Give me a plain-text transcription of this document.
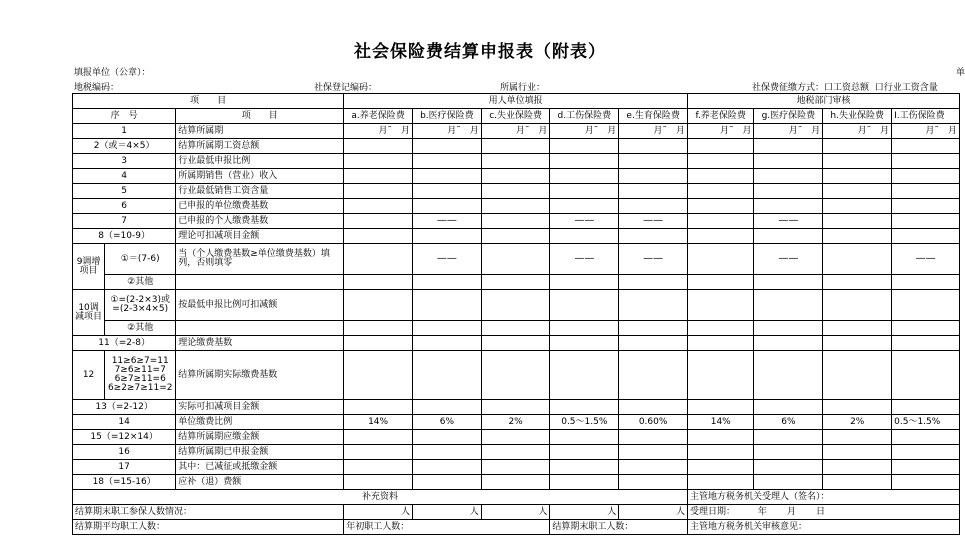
社会保险费结算申报表（附表）
填报单位（公章）：	单
地税编码：	社保登记编码：	所属行业：	社保费征缴方式：口工资总额 口行业工资含量
项　　目			用人单位填报					地税部门审核			
序　号		项　　目	a.养老保险费	b.医疗保险费	c.失业保险费	d.工伤保险费	e.生育保险费	f.养老保险费	g.医疗保险费	h.失业保险费	I.工伤保险费
1		结算所属期	月˜　月	月˜　月	月˜　月	月˜　月	月˜　月	月˜　月	月˜　月	月˜　月	月˜　月
2（或＝4×5）		结算所属期工资总额									
3		行业最低申报比例									
4		所属期销售（营业）收入									
5		行业最低销售工资含量									
6		已申报的单位缴费基数									
7		已申报的个人缴费基数		——		——	——		——		
8（=10-9）		理论可扣减项目金额									
9调增项目	①＝(7-6)	当（个人缴费基数≥单位缴费基数）填列，否则填零		——		——	——		——		——
	②其他										
10调减项目	①=(2-2×3)或=(2-3×4×5)	按最低申报比例可扣减额									
	②其他										
11（=2-8）		理论缴费基数									
12	11≥6≥7=11 7≥6≥11=7 6≥7≥11=6 6≥2≥7≥11=2	结算所属期实际缴费基数									
13（=2-12）		实际可扣减项目金额									
14		单位缴费比例	14%	6%	2%	0.5～1.5%	0.60%	14%	6%	2%	0.5～1.5%
15（=12×14）		结算所属期应缴金额									
16		结算所属期已申报金额									
17		其中：已减征或抵缴金额									
18（=15-16）		应补（退）费额									
补充资料								主管地方税务机关受理人（签名）：			
结算期末职工参保人数情况：			人	人	人	人	人	受理日期： 年 月 日			
结算期平均职工人数：			年初职工人数：			结算期末职工人数：		主管地方税务机关审核意见：			
